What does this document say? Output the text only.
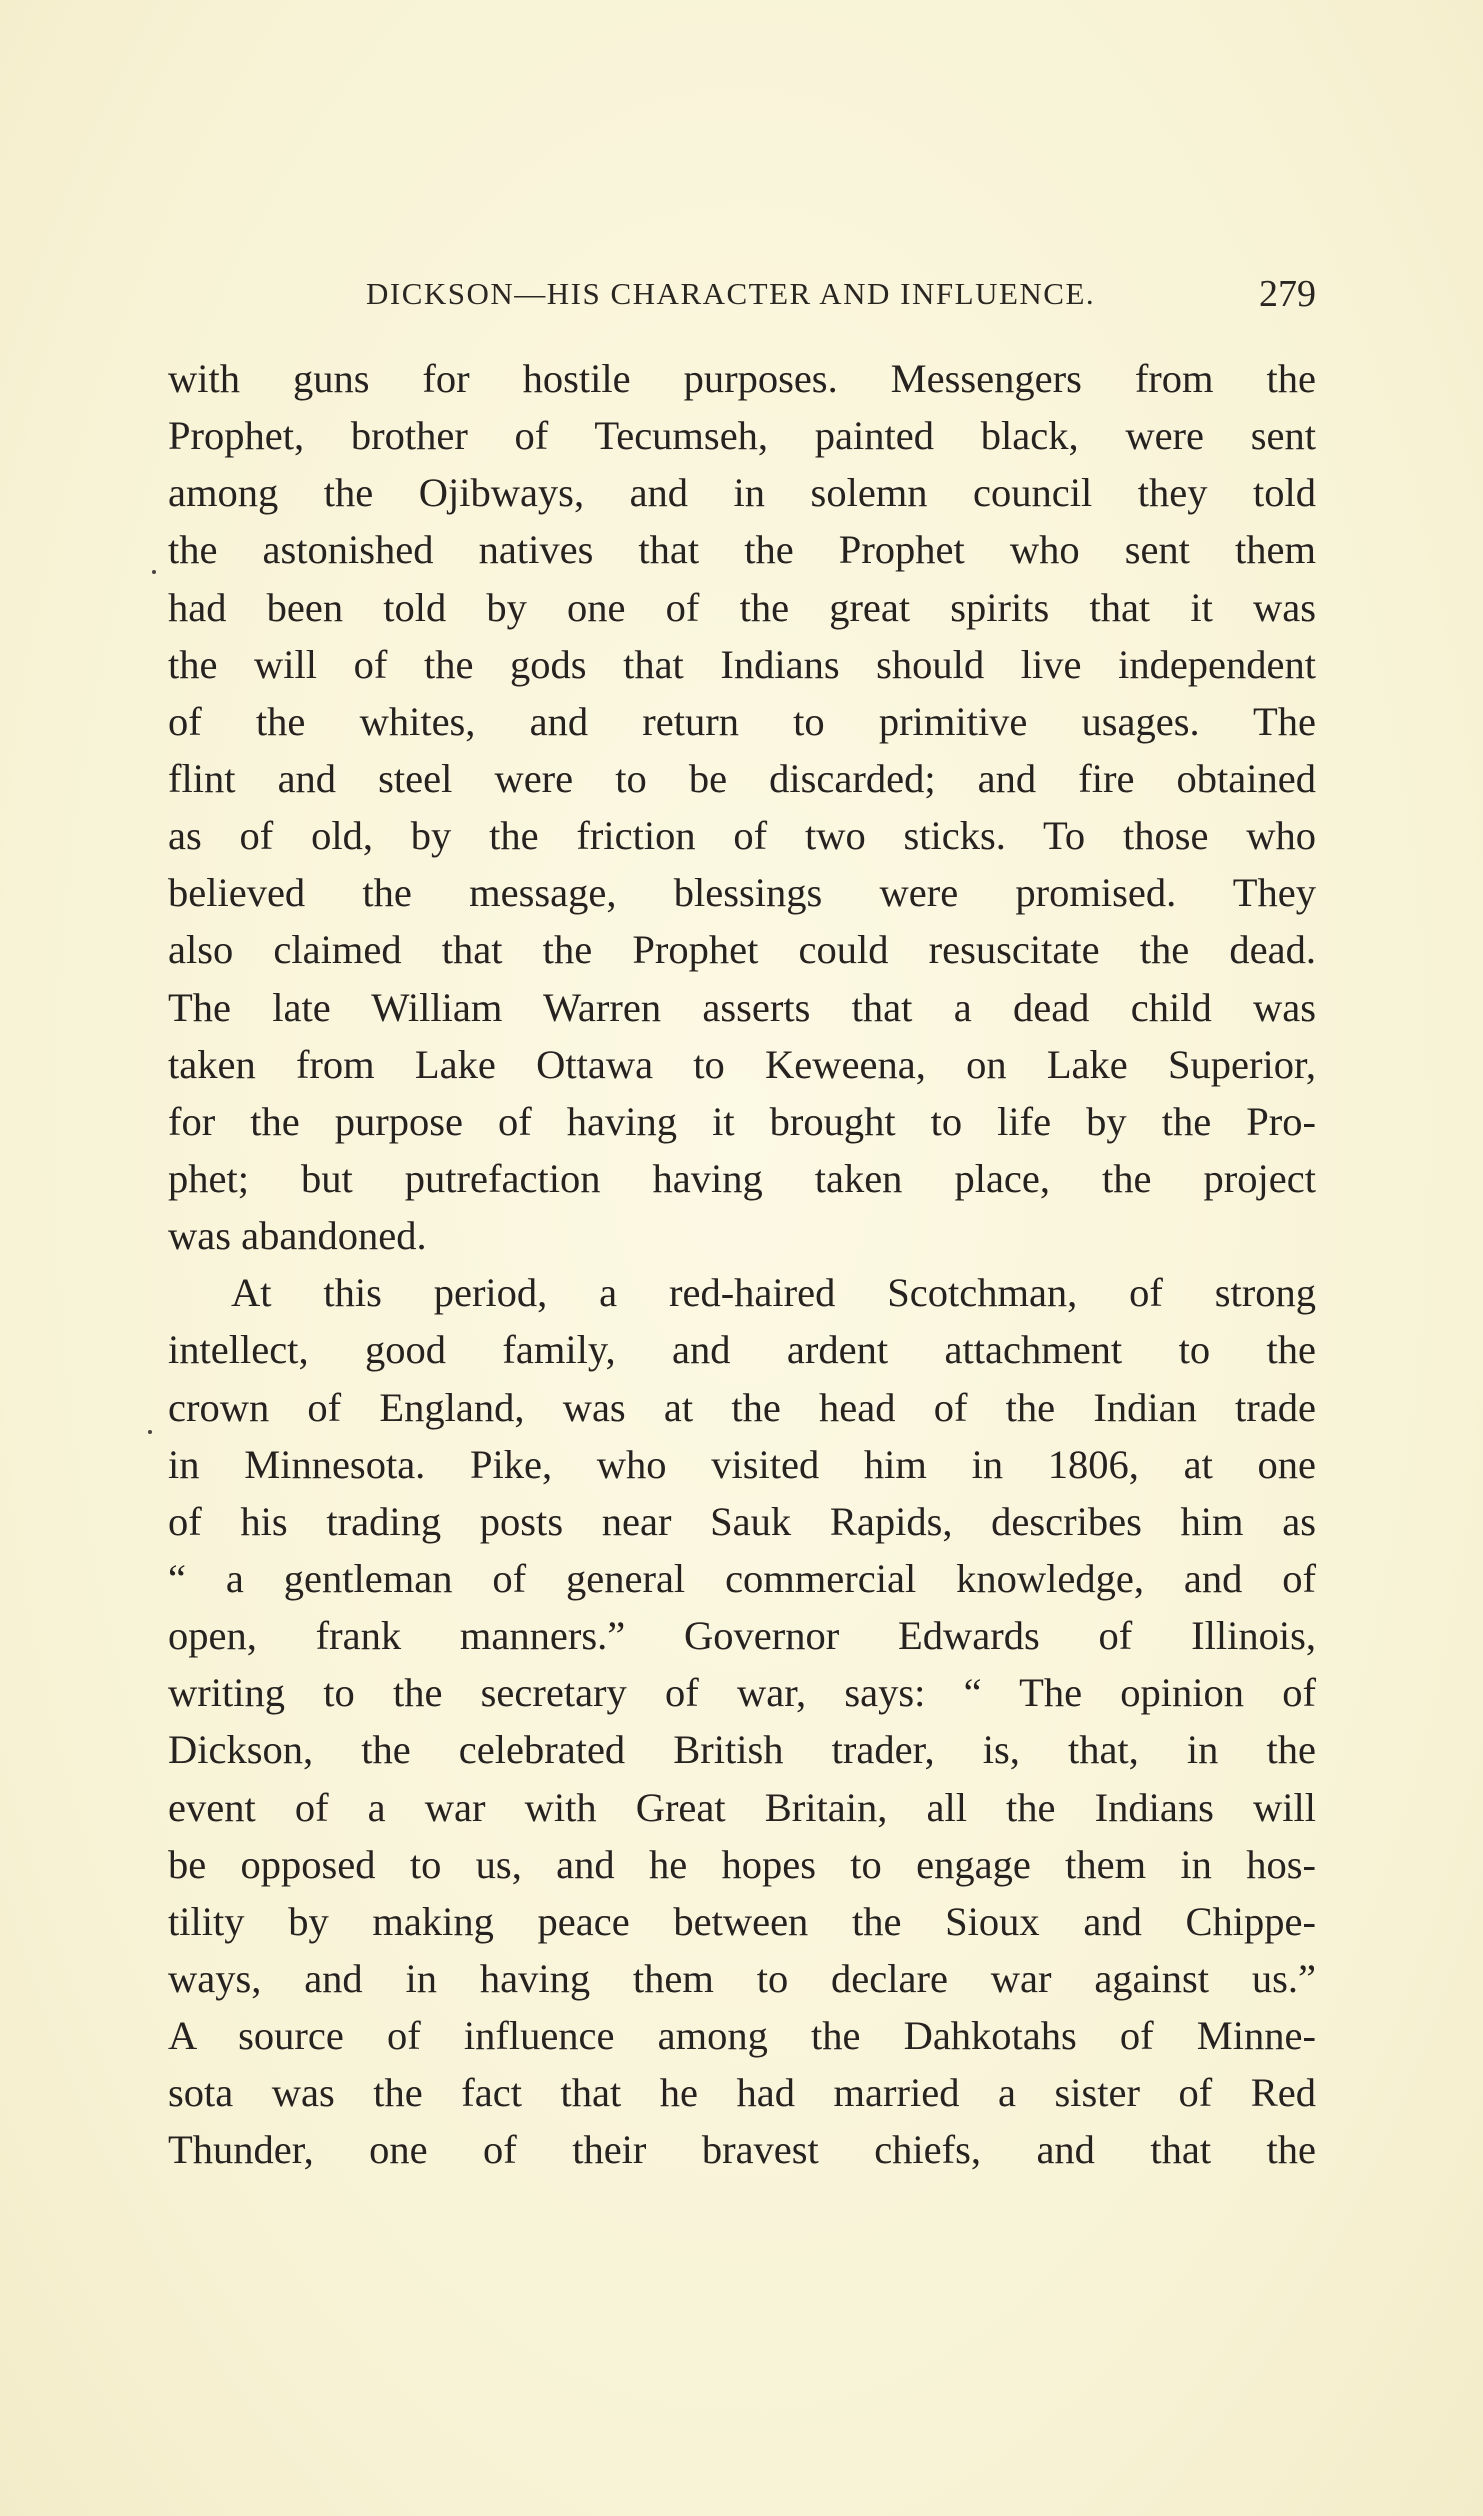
DICKSON—HIS CHARACTER AND INFLUENCE.	279
with guns for hostile purposes. Messengers from the
Prophet, brother of Tecumseh, painted black, were sent
among the Ojibways, and in solemn council they told
the astonished natives that the Prophet who sent them
had been told by one of the great spirits that it was
the will of the gods that Indians should live independent
of the whites, and return to primitive usages. The
flint and steel were to be discarded; and fire obtained
as of old, by the friction of two sticks. To those who
believed the message, blessings were promised. They
also claimed that the Prophet could resuscitate the dead.
The late William Warren asserts that a dead child was
taken from Lake Ottawa to Keweena, on Lake Superior,
for the purpose of having it brought to life by the Pro-
phet; but putrefaction having taken place, the project
was abandoned.
At this period, a red-haired Scotchman, of strong
intellect, good family, and ardent attachment to the
crown of England, was at the head of the Indian trade
in Minnesota. Pike, who visited him in 1806, at one
of his trading posts near Sauk Rapids, describes him as
“ a gentleman of general commercial knowledge, and of
open, frank manners.” Governor Edwards of Illinois,
writing to the secretary of war, says: “ The opinion of
Dickson, the celebrated British trader, is, that, in the
event of a war with Great Britain, all the Indians will
be opposed to us, and he hopes to engage them in hos-
tility by making peace between the Sioux and Chippe-
ways, and in having them to declare war against us.”
A source of influence among the Dahkotahs of Minne-
sota was the fact that he had married a sister of Red
Thunder, one of their bravest chiefs, and that the
